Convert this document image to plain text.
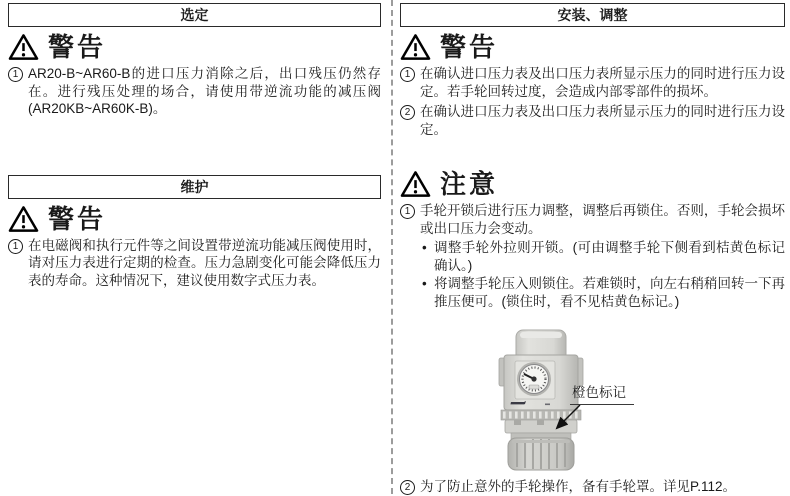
选定
警告
1 AR20-B~AR60-B的进口压力消除之后，出口残压仍然存在。进行残压处理的场合，请使用带逆流功能的减压阀(AR20KB~AR60K-B)。

维护
警告
1 在电磁阀和执行元件等之间设置带逆流功能减压阀使用时，请对压力表进行定期的检查。压力急剧变化可能会降低压力表的寿命。这种情况下，建议使用数字式压力表。

安装、调整
警告
1 在确认进口压力表及出口压力表所显示压力的同时进行压力设定。若手轮回转过度，会造成内部零部件的损坏。

2 在确认进口压力表及出口压力表所显示压力的同时进行压力设定。

注意
1 手轮开锁后进行压力调整，调整后再锁住。否则，手轮会损坏或出口压力会变动。

• 调整手轮外拉则开锁。(可由调整手轮下侧看到桔黄色标记确认。)

• 将调整手轮压入则锁住。若难锁时，向左右稍稍回转一下再推压便可。(锁住时，看不见桔黄色标记。)

橙色标记
2 为了防止意外的手轮操作，备有手轮罩。详见P.112。
